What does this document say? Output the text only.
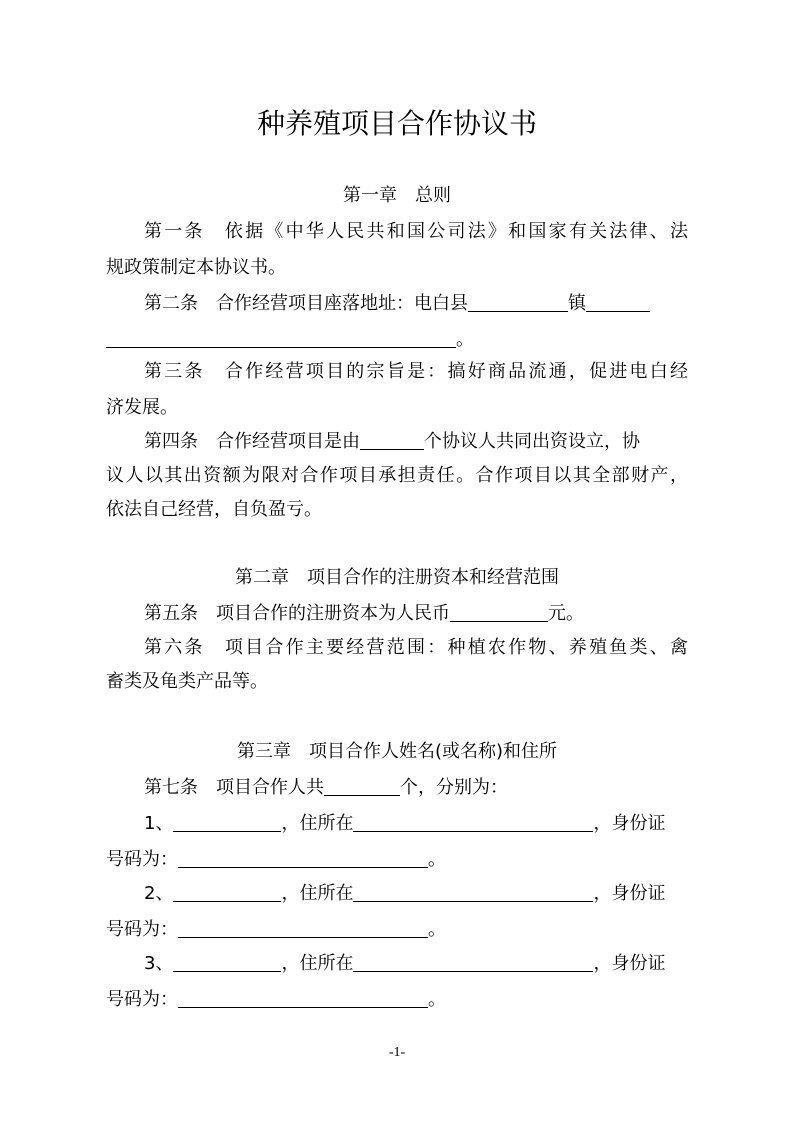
种养殖项目合作协议书
第一章　总则
第一条　依据《中华人民共和国公司法》和国家有关法律、法
规政策制定本协议书。
第二条　合作经营项目座落地址：电白县	镇
。
第三条　合作经营项目的宗旨是：搞好商品流通，促进电白经
济发展。
第四条　合作经营项目是由	个协议人共同出资设立，协
议人以其出资额为限对合作项目承担责任。合作项目以其全部财产，
依法自己经营，自负盈亏。
第二章　项目合作的注册资本和经营范围
第五条　项目合作的注册资本为人民币	元。
第六条　项目合作主要经营范围：种植农作物、养殖鱼类、禽
畜类及龟类产品等。
第三章　项目合作人姓名(或名称)和住所
第七条　项目合作人共	个，分别为：
1、	，住所在	，身份证
号码为：	。
2、	，住所在	，身份证
号码为：	。
3、	，住所在	，身份证
号码为：	。
-1-
